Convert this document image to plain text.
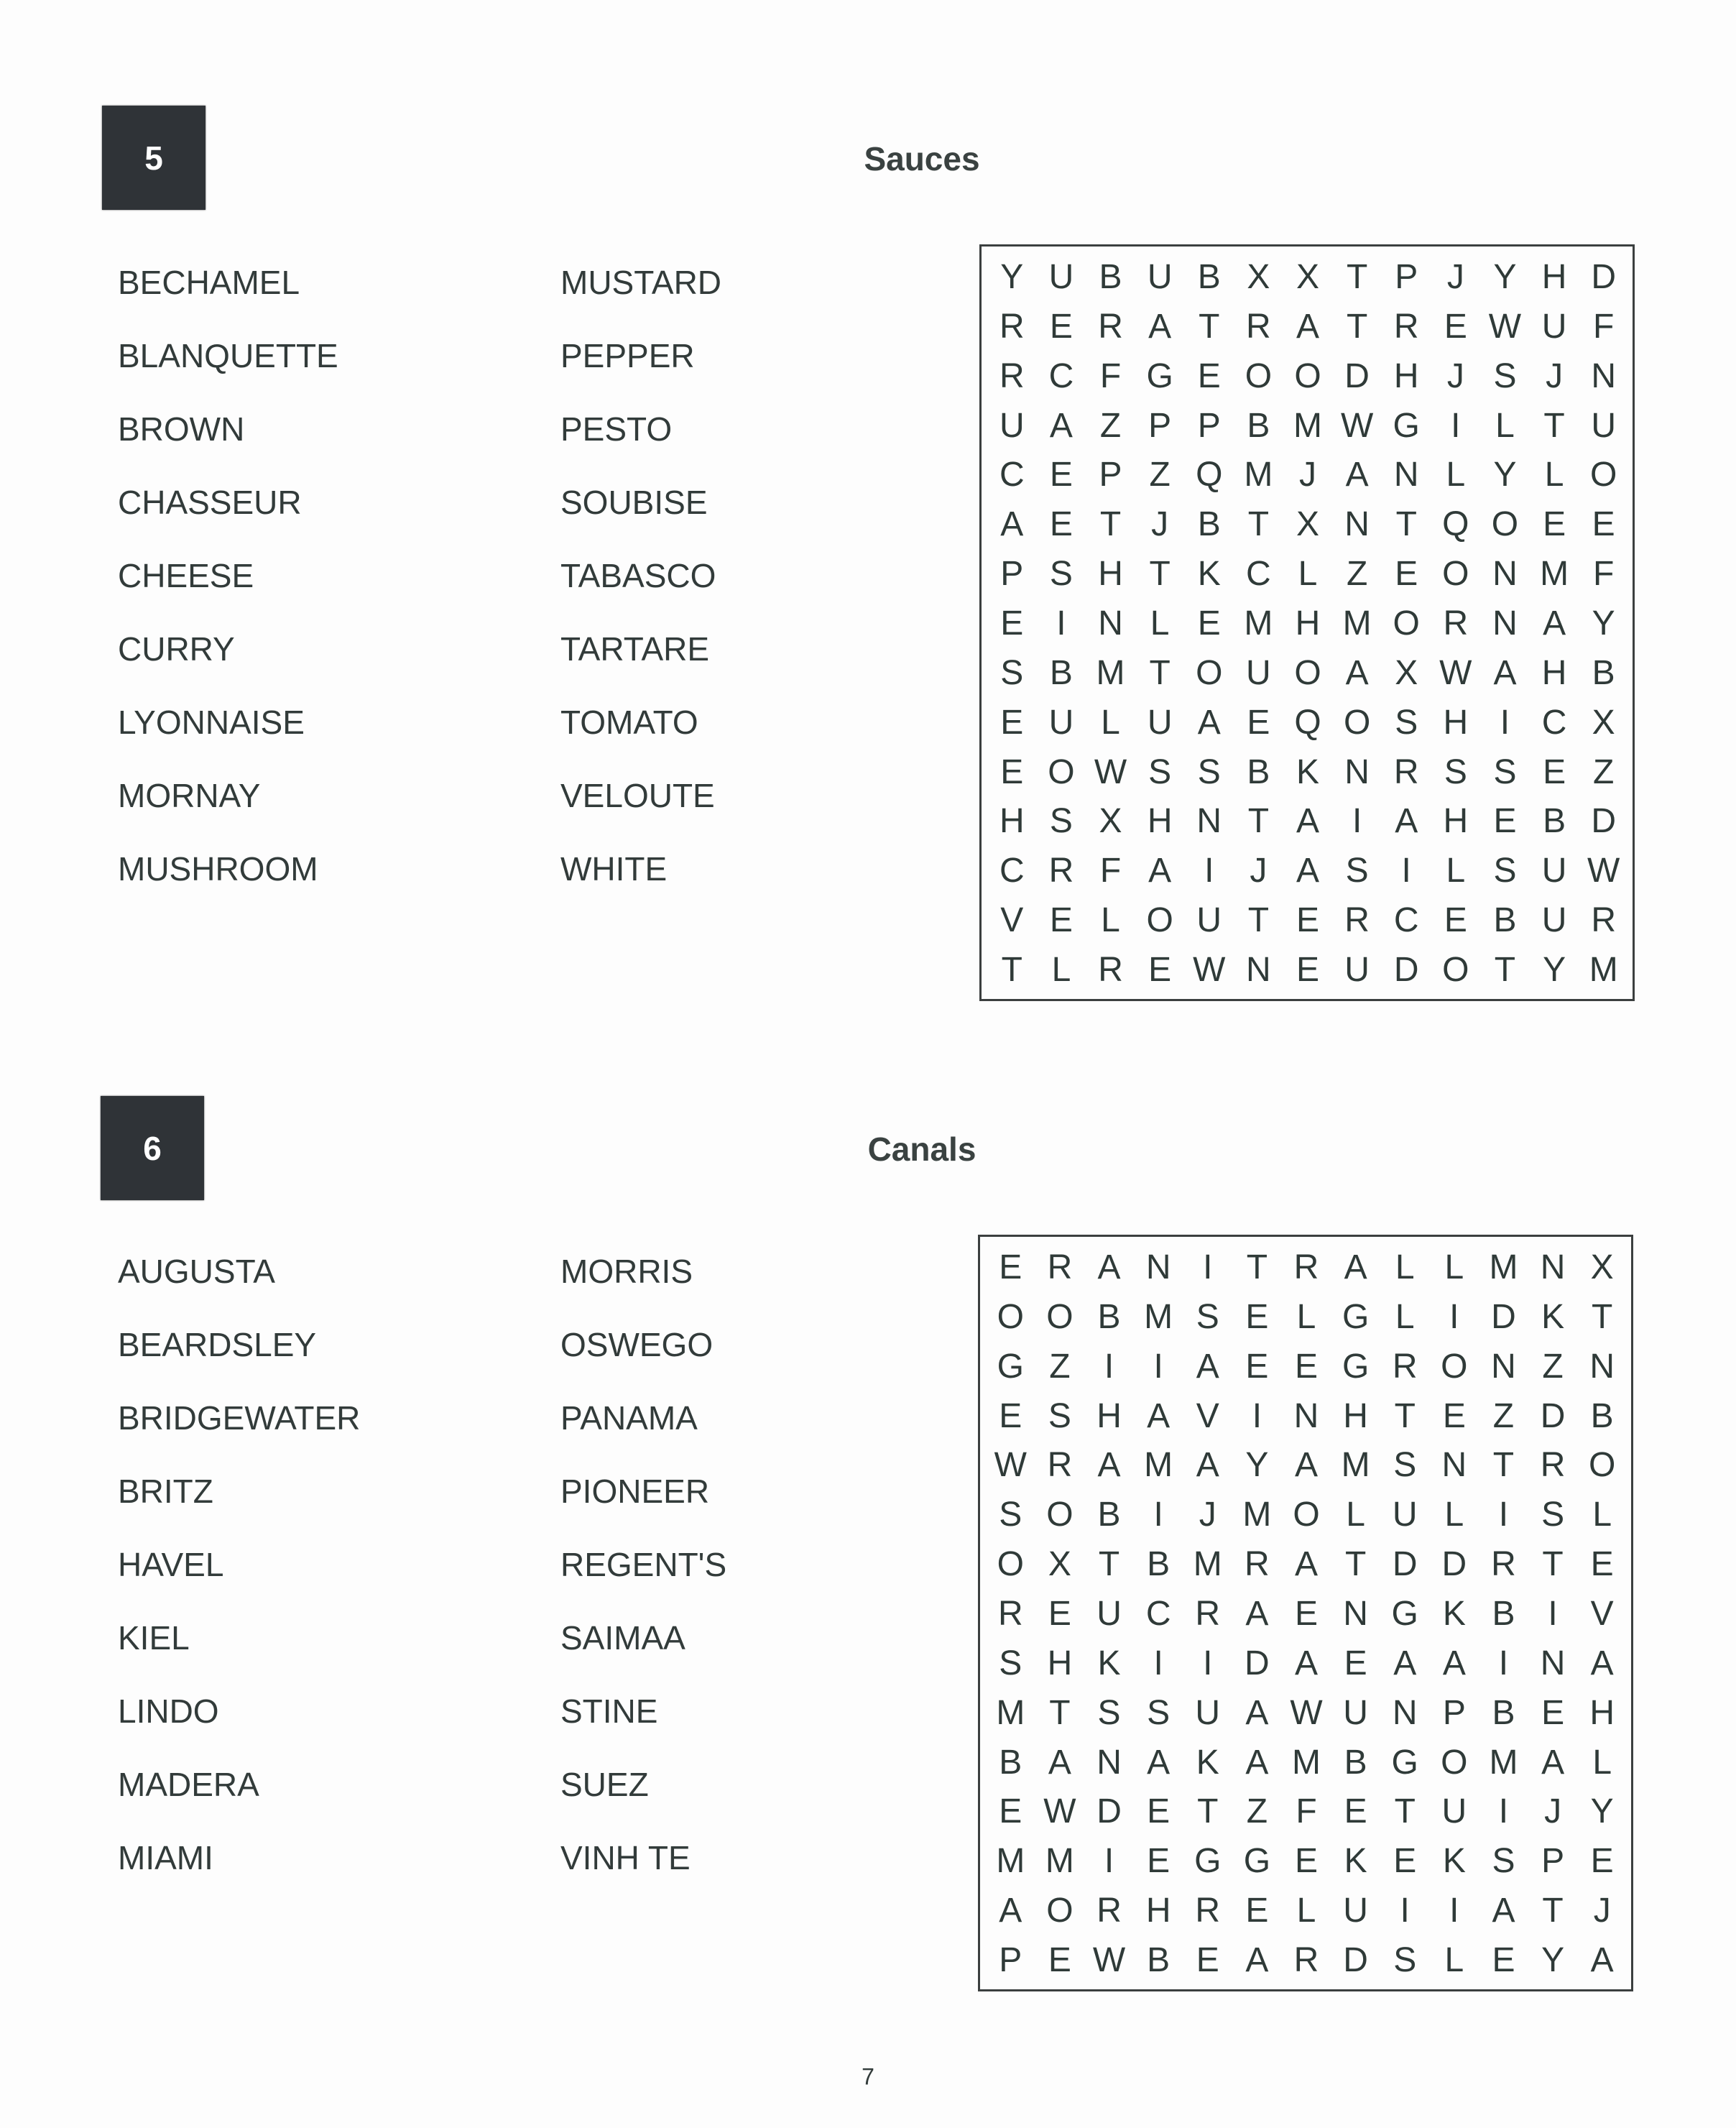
5	Sauces
BECHAMEL
BLANQUETTE
BROWN
CHASSEUR
CHEESE
CURRY
LYONNAISE
MORNAY
MUSHROOM
MUSTARD
PEPPER
PESTO
SOUBISE
TABASCO
TARTARE
TOMATO
VELOUTE
WHITE
Y U B U B X X T P J Y H D
R E R A T R A T R E W U F
R C F G E O O D H J S J N
U A Z P P B M W G I	L T U
C E P Z Q M J A N L Y L O
A E T J B T X N T Q O E E
P S H T K C L Z E O N M F
E I N L E M H M O R N A Y
S B M T O U O A X W A H B
E U L U A E Q O S H I C X
E O W S S B K N R S S E Z
H S X H N T A I A H E B D
C R F A I	J A S I	L S U W
V E L O U T E R C E B U R
T L R E W N E U D O T Y M
6	Canals
AUGUSTA
BEARDSLEY
BRIDGEWATER
BRITZ
HAVEL
KIEL
LINDO
MADERA
MIAMI
MORRIS
OSWEGO
PANAMA
PIONEER
REGENT'S
SAIMAA
STINE
SUEZ
VINH TE
E R A N I T R A L L M N X
O O B M S E L G L	I D K T
G Z I	I A E E G R O N Z N
E S H A V I N H T E Z D B
W R A M A Y A M S N T R O
S O B I	J M O L U L	I S L
O X T B M R A T D D R T E
R E U C R A E N G K B I V
S H K I	I D A E A A I N A
M T S S U A W U N P B E H
B A N A K A M B G O M A L
E W D E T Z F E T U I	J Y
M M I E G G E K E K S P E
A O R H R E L U I	I A T J
P E W B E A R D S L E Y A
7
